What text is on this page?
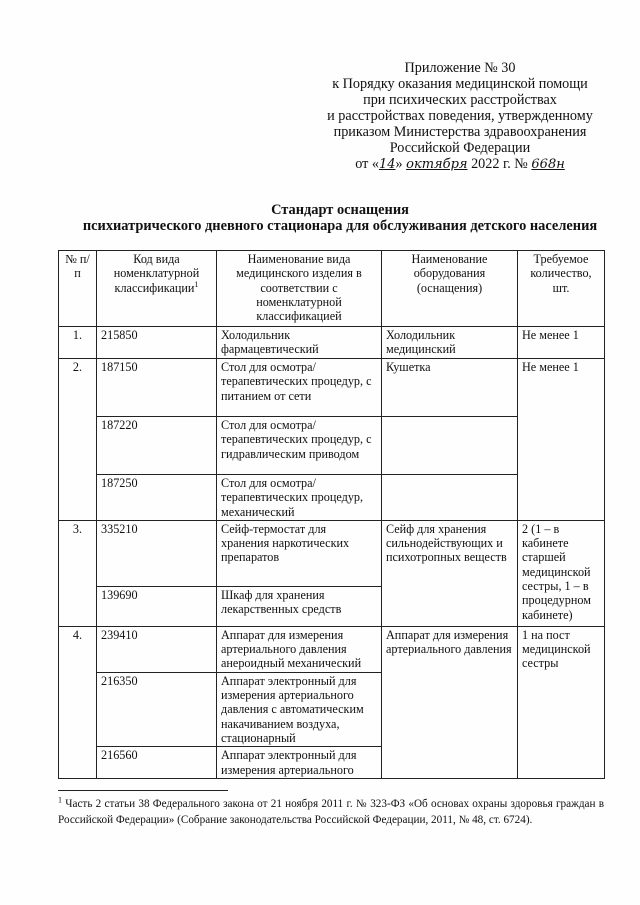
Приложение № 30
к Порядку оказания медицинской помощи
при психических расстройствах
и расстройствах поведения, утвержденному
приказом Министерства здравоохранения
Российской Федерации
от «14» октября 2022 г. № 668н
Стандарт оснащения
психиатрического дневного стационара для обслуживания детского населения
№ п/п	Код вида номенклатурной классификации$^1$	Наименование вида медицинского изделия в соответствии с номенклатурной классификацией	Наименование оборудования (оснащения)	Требуемое количество, шт.
1.	215850	Холодильник фармацевтический	Холодильник медицинский	Не менее 1
2.	187150	Стол для осмотра/терапевтических процедур, с питанием от сети	Кушетка	Не менее 1
	187220	Стол для осмотра/терапевтических процедур, с гидравлическим приводом		
	187250	Стол для осмотра/терапевтических процедур, механический		
3.	335210	Сейф-термостат для хранения наркотических препаратов	Сейф для хранения сильнодействующих и психотропных веществ	2 (1 – в кабинете старшей медицинской сестры, 1 – в процедурном кабинете)
	139690	Шкаф для хранения лекарственных средств		
4.	239410	Аппарат для измерения артериального давления анероидный механический	Аппарат для измерения артериального давления	1 на пост медицинской сестры
	216350	Аппарат электронный для измерения артериального давления с автоматическим накачиванием воздуха, стационарный		
	216560	Аппарат электронный для измерения артериального		
$^1$ Часть 2 статьи 38 Федерального закона от 21 ноября 2011 г. № 323-ФЗ «Об основах охраны здоровья граждан в Российской Федерации» (Собрание законодательства Российской Федерации, 2011, № 48, ст. 6724).
